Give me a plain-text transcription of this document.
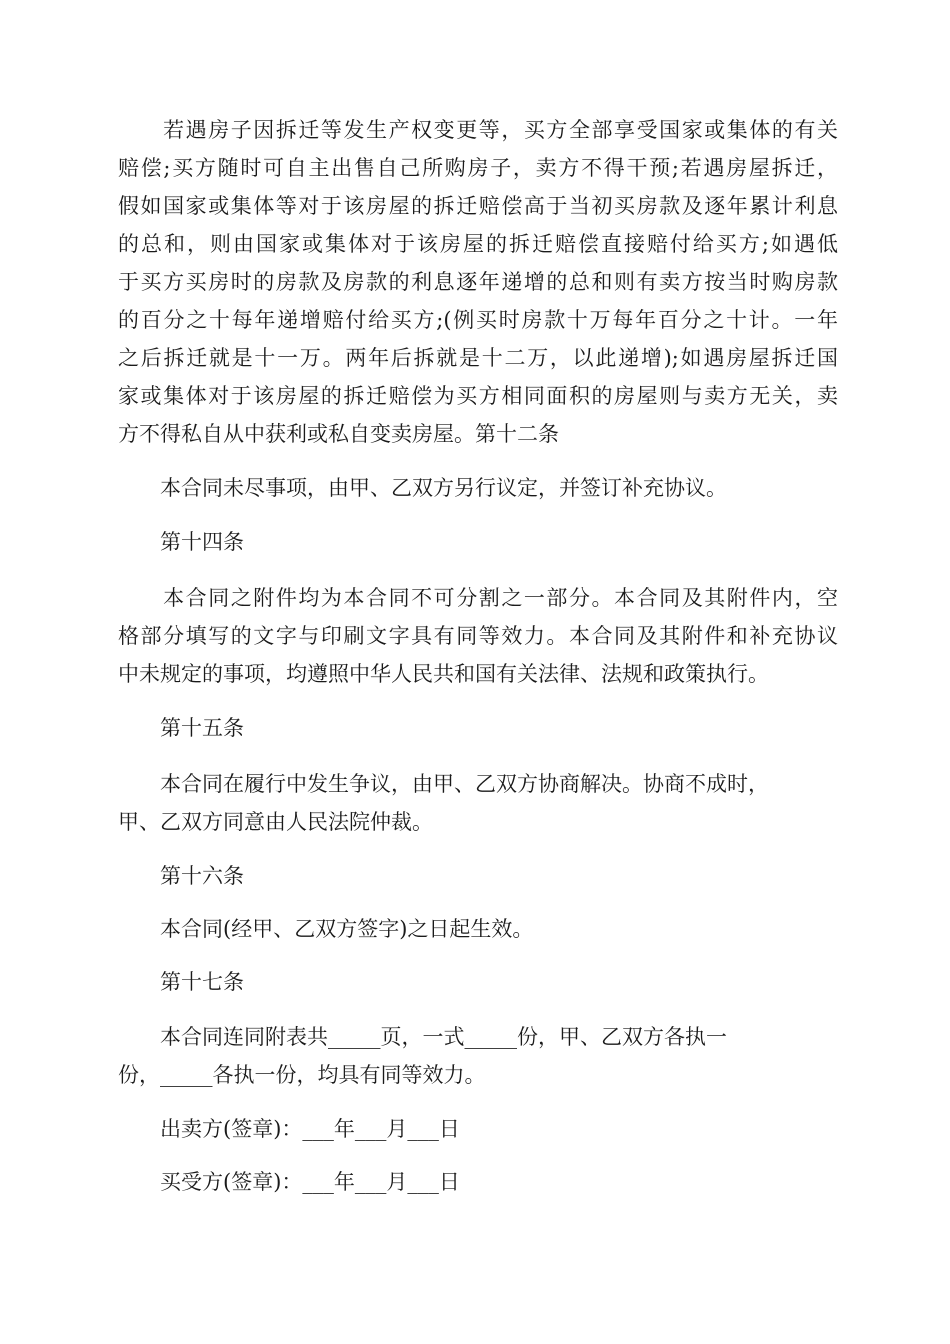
　　若遇房子因拆迁等发生产权变更等，买方全部享受国家或集体的有关
赔偿;买方随时可自主出售自己所购房子，卖方不得干预;若遇房屋拆迁，
假如国家或集体等对于该房屋的拆迁赔偿高于当初买房款及逐年累计利息
的总和，则由国家或集体对于该房屋的拆迁赔偿直接赔付给买方;如遇低
于买方买房时的房款及房款的利息逐年递增的总和则有卖方按当时购房款
的百分之十每年递增赔付给买方;(例买时房款十万每年百分之十计。一年
之后拆迁就是十一万。两年后拆就是十二万，以此递增);如遇房屋拆迁国
家或集体对于该房屋的拆迁赔偿为买方相同面积的房屋则与卖方无关，卖
方不得私自从中获利或私自变卖房屋。第十二条
　　本合同未尽事项，由甲、乙双方另行议定，并签订补充协议。
　　第十四条
　　本合同之附件均为本合同不可分割之一部分。本合同及其附件内，空
格部分填写的文字与印刷文字具有同等效力。本合同及其附件和补充协议
中未规定的事项，均遵照中华人民共和国有关法律、法规和政策执行。
　　第十五条
　　本合同在履行中发生争议，由甲、乙双方协商解决。协商不成时，
甲、乙双方同意由人民法院仲裁。
　　第十六条
　　本合同(经甲、乙双方签字)之日起生效。
　　第十七条
　　本合同连同附表共_____页，一式_____份，甲、乙双方各执一
份，_____各执一份，均具有同等效力。
　　出卖方(签章)：___年___月___日
　　买受方(签章)：___年___月___日
